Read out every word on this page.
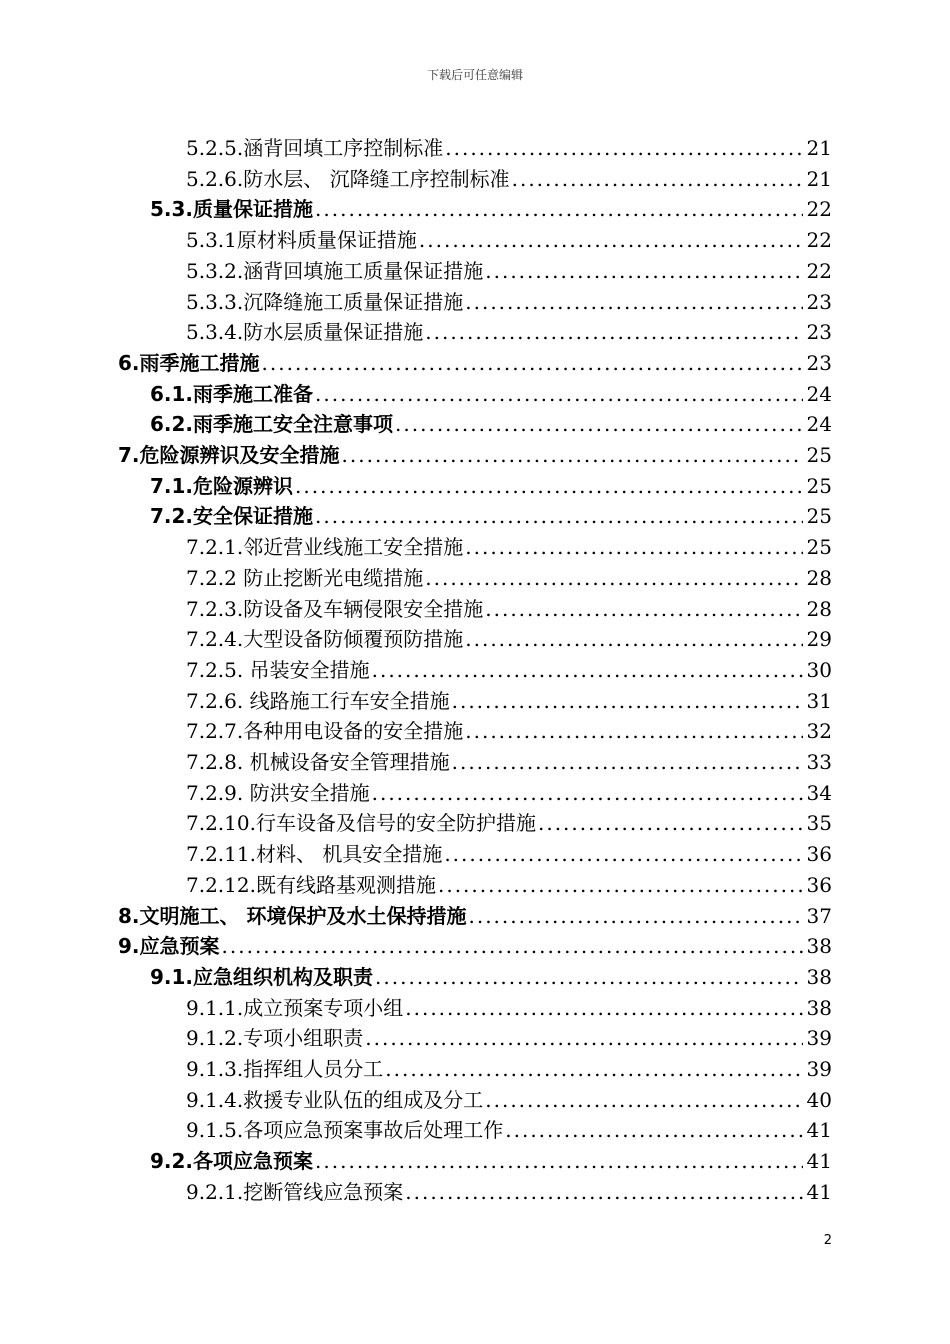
下载后可任意编辑
5.2.5.涵背回填工序控制标准 .....	21
5.2.6.防水层、 沉降缝工序控制标准 .....	21
5.3.质量保证措施 .....	22
5.3.1原材料质量保证措施 .....	22
5.3.2.涵背回填施工质量保证措施 .....	22
5.3.3.沉降缝施工质量保证措施 .....	23
5.3.4.防水层质量保证措施 .....	23
6.雨季施工措施 .....	23
6.1.雨季施工准备 .....	24
6.2.雨季施工安全注意事项 .....	24
7.危险源辨识及安全措施 .....	25
7.1.危险源辨识 .....	25
7.2.安全保证措施 .....	25
7.2.1.邻近营业线施工安全措施 .....	25
7.2.2 防止挖断光电缆措施 .....	28
7.2.3.防设备及车辆侵限安全措施 .....	28
7.2.4.大型设备防倾覆预防措施 .....	29
7.2.5. 吊装安全措施 .....	30
7.2.6. 线路施工行车安全措施 .....	31
7.2.7.各种用电设备的安全措施 .....	32
7.2.8. 机械设备安全管理措施 .....	33
7.2.9. 防洪安全措施 .....	34
7.2.10.行车设备及信号的安全防护措施 .....	35
7.2.11.材料、 机具安全措施 .....	36
7.2.12.既有线路基观测措施 .....	36
8.文明施工、 环境保护及水土保持措施 .....	37
9.应急预案 .....	38
9.1.应急组织机构及职责 .....	38
9.1.1.成立预案专项小组 .....	38
9.1.2.专项小组职责 .....	39
9.1.3.指挥组人员分工 .....	39
9.1.4.救援专业队伍的组成及分工 .....	40
9.1.5.各项应急预案事故后处理工作 .....	41
9.2.各项应急预案 .....	41
9.2.1.挖断管线应急预案 .....	41
2
